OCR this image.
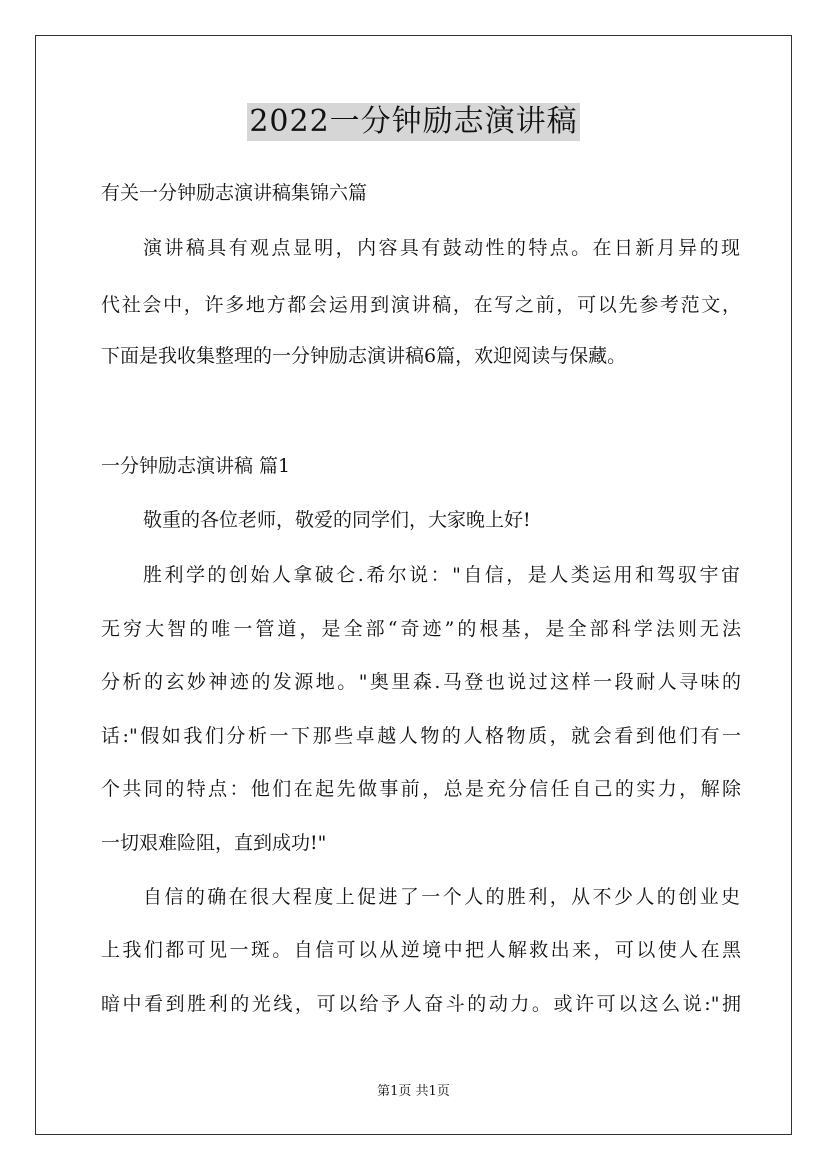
2022一分钟励志演讲稿
有关一分钟励志演讲稿集锦六篇
演讲稿具有观点显明，内容具有鼓动性的特点。在日新月异的现
代社会中，许多地方都会运用到演讲稿，在写之前，可以先参考范文，
下面是我收集整理的一分钟励志演讲稿6篇，欢迎阅读与保藏。
一分钟励志演讲稿 篇1
敬重的各位老师，敬爱的同学们，大家晚上好!
胜利学的创始人拿破仑.希尔说："自信，是人类运用和驾驭宇宙
无穷大智的唯一管道，是全部“奇迹”的根基，是全部科学法则无法
分析的玄妙神迹的发源地。"奥里森.马登也说过这样一段耐人寻味的
话:"假如我们分析一下那些卓越人物的人格物质，就会看到他们有一
个共同的特点：他们在起先做事前，总是充分信任自己的实力，解除
一切艰难险阻，直到成功!"
自信的确在很大程度上促进了一个人的胜利，从不少人的创业史
上我们都可见一斑。自信可以从逆境中把人解救出来，可以使人在黑
暗中看到胜利的光线，可以给予人奋斗的动力。或许可以这么说:"拥
第1页 共1页
